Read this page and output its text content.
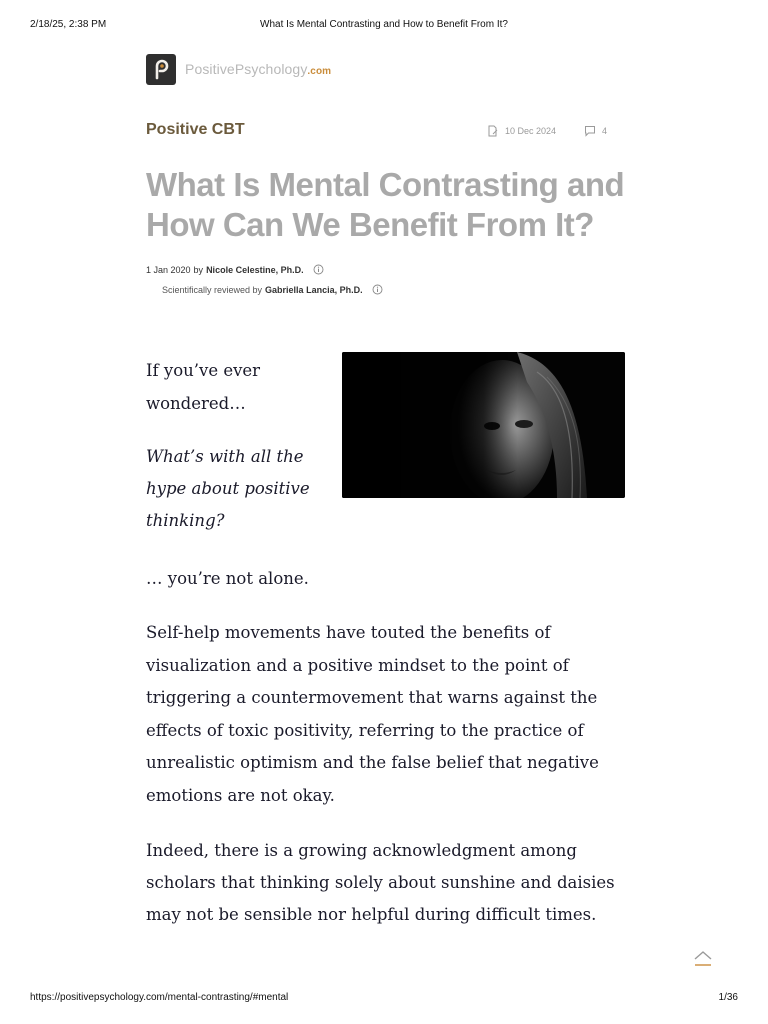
2/18/25, 2:38 PM	What Is Mental Contrasting and How to Benefit From It?
PositivePsychology.com
Positive CBT	10 Dec 2024	4
What Is Mental Contrasting and How Can We Benefit From It?
1 Jan 2020 by Nicole Celestine, Ph.D.
Scientifically reviewed by Gabriella Lancia, Ph.D.

If you’ve ever wondered…

What’s with all the hype about positive thinking?

… you’re not alone.

Self-help movements have touted the benefits of visualization and a positive mindset to the point of triggering a countermovement that warns against the effects of toxic positivity, referring to the practice of unrealistic optimism and the false belief that negative emotions are not okay.

Indeed, there is a growing acknowledgment among scholars that thinking solely about sunshine and daisies may not be sensible nor helpful during difficult times.

https://positivepsychology.com/mental-contrasting/#mental	1/36
